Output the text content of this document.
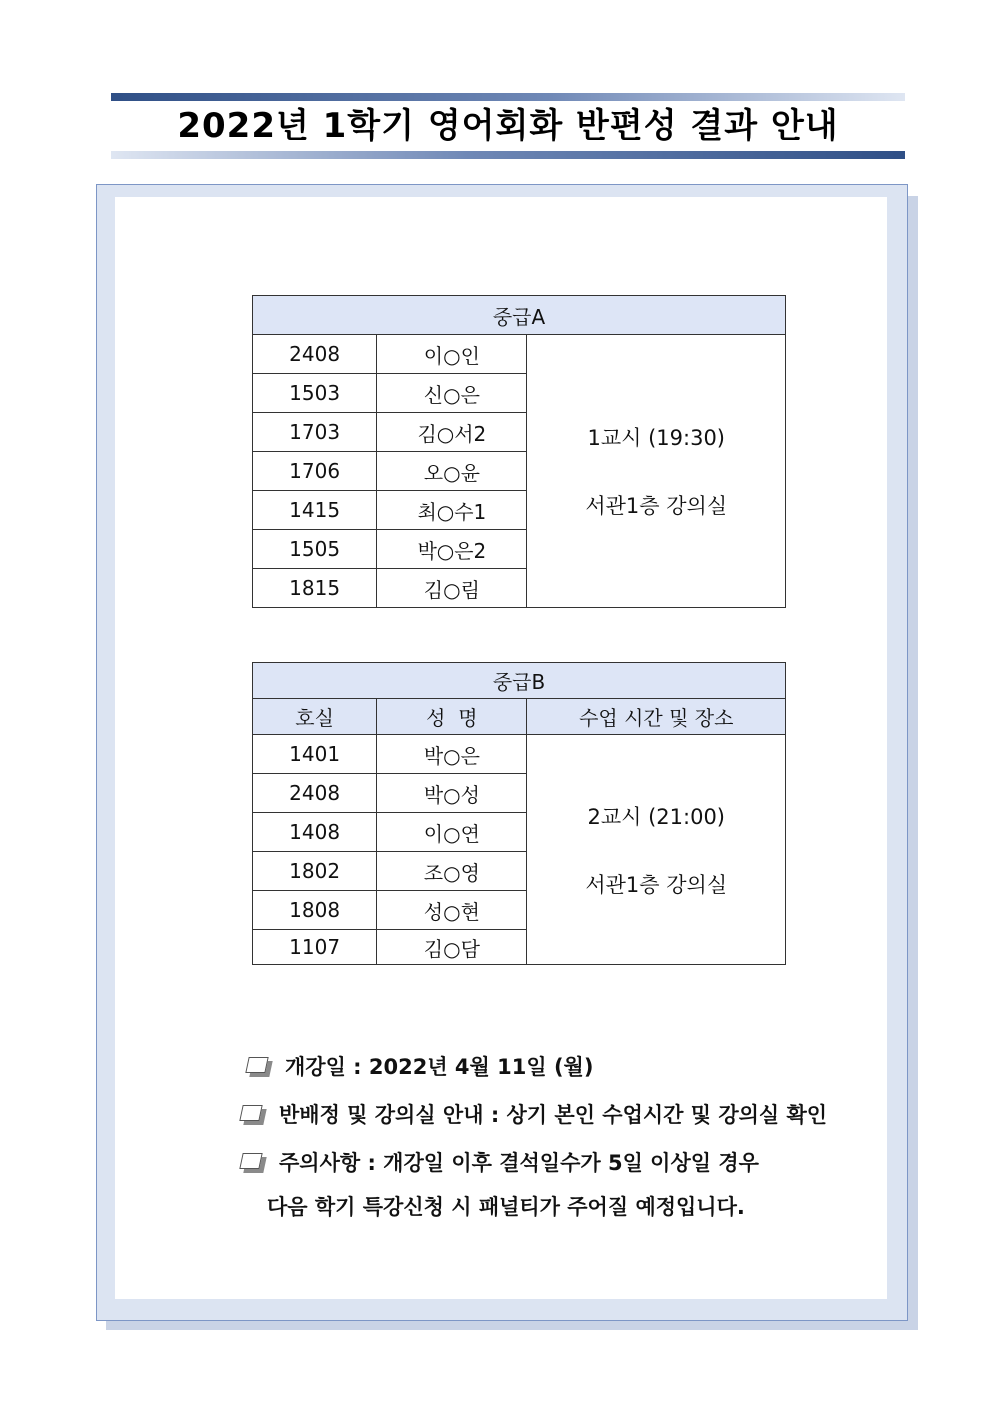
2022년 1학기 영어회화 반편성 결과 안내
중급A		
2408	이○인	1교시 (19:30)
서관1층 강의실

1503	신○은	
1703	김○서2	
1706	오○윤	
1415	최○수1	
1505	박○은2	
1815	김○림	
중급B		
호실	성  명	수업 시간 및 장소
1401	박○은	2교시 (21:00)
서관1층 강의실

2408	박○성	
1408	이○연	
1802	조○영	
1808	성○현	
1107	김○담	
개강일 : 2022년 4월 11일 (월)
반배정 및 강의실 안내 : 상기 본인 수업시간 및 강의실 확인
주의사항 : 개강일 이후 결석일수가 5일 이상일 경우
다음 학기 특강신청 시 패널티가 주어질 예정입니다.
